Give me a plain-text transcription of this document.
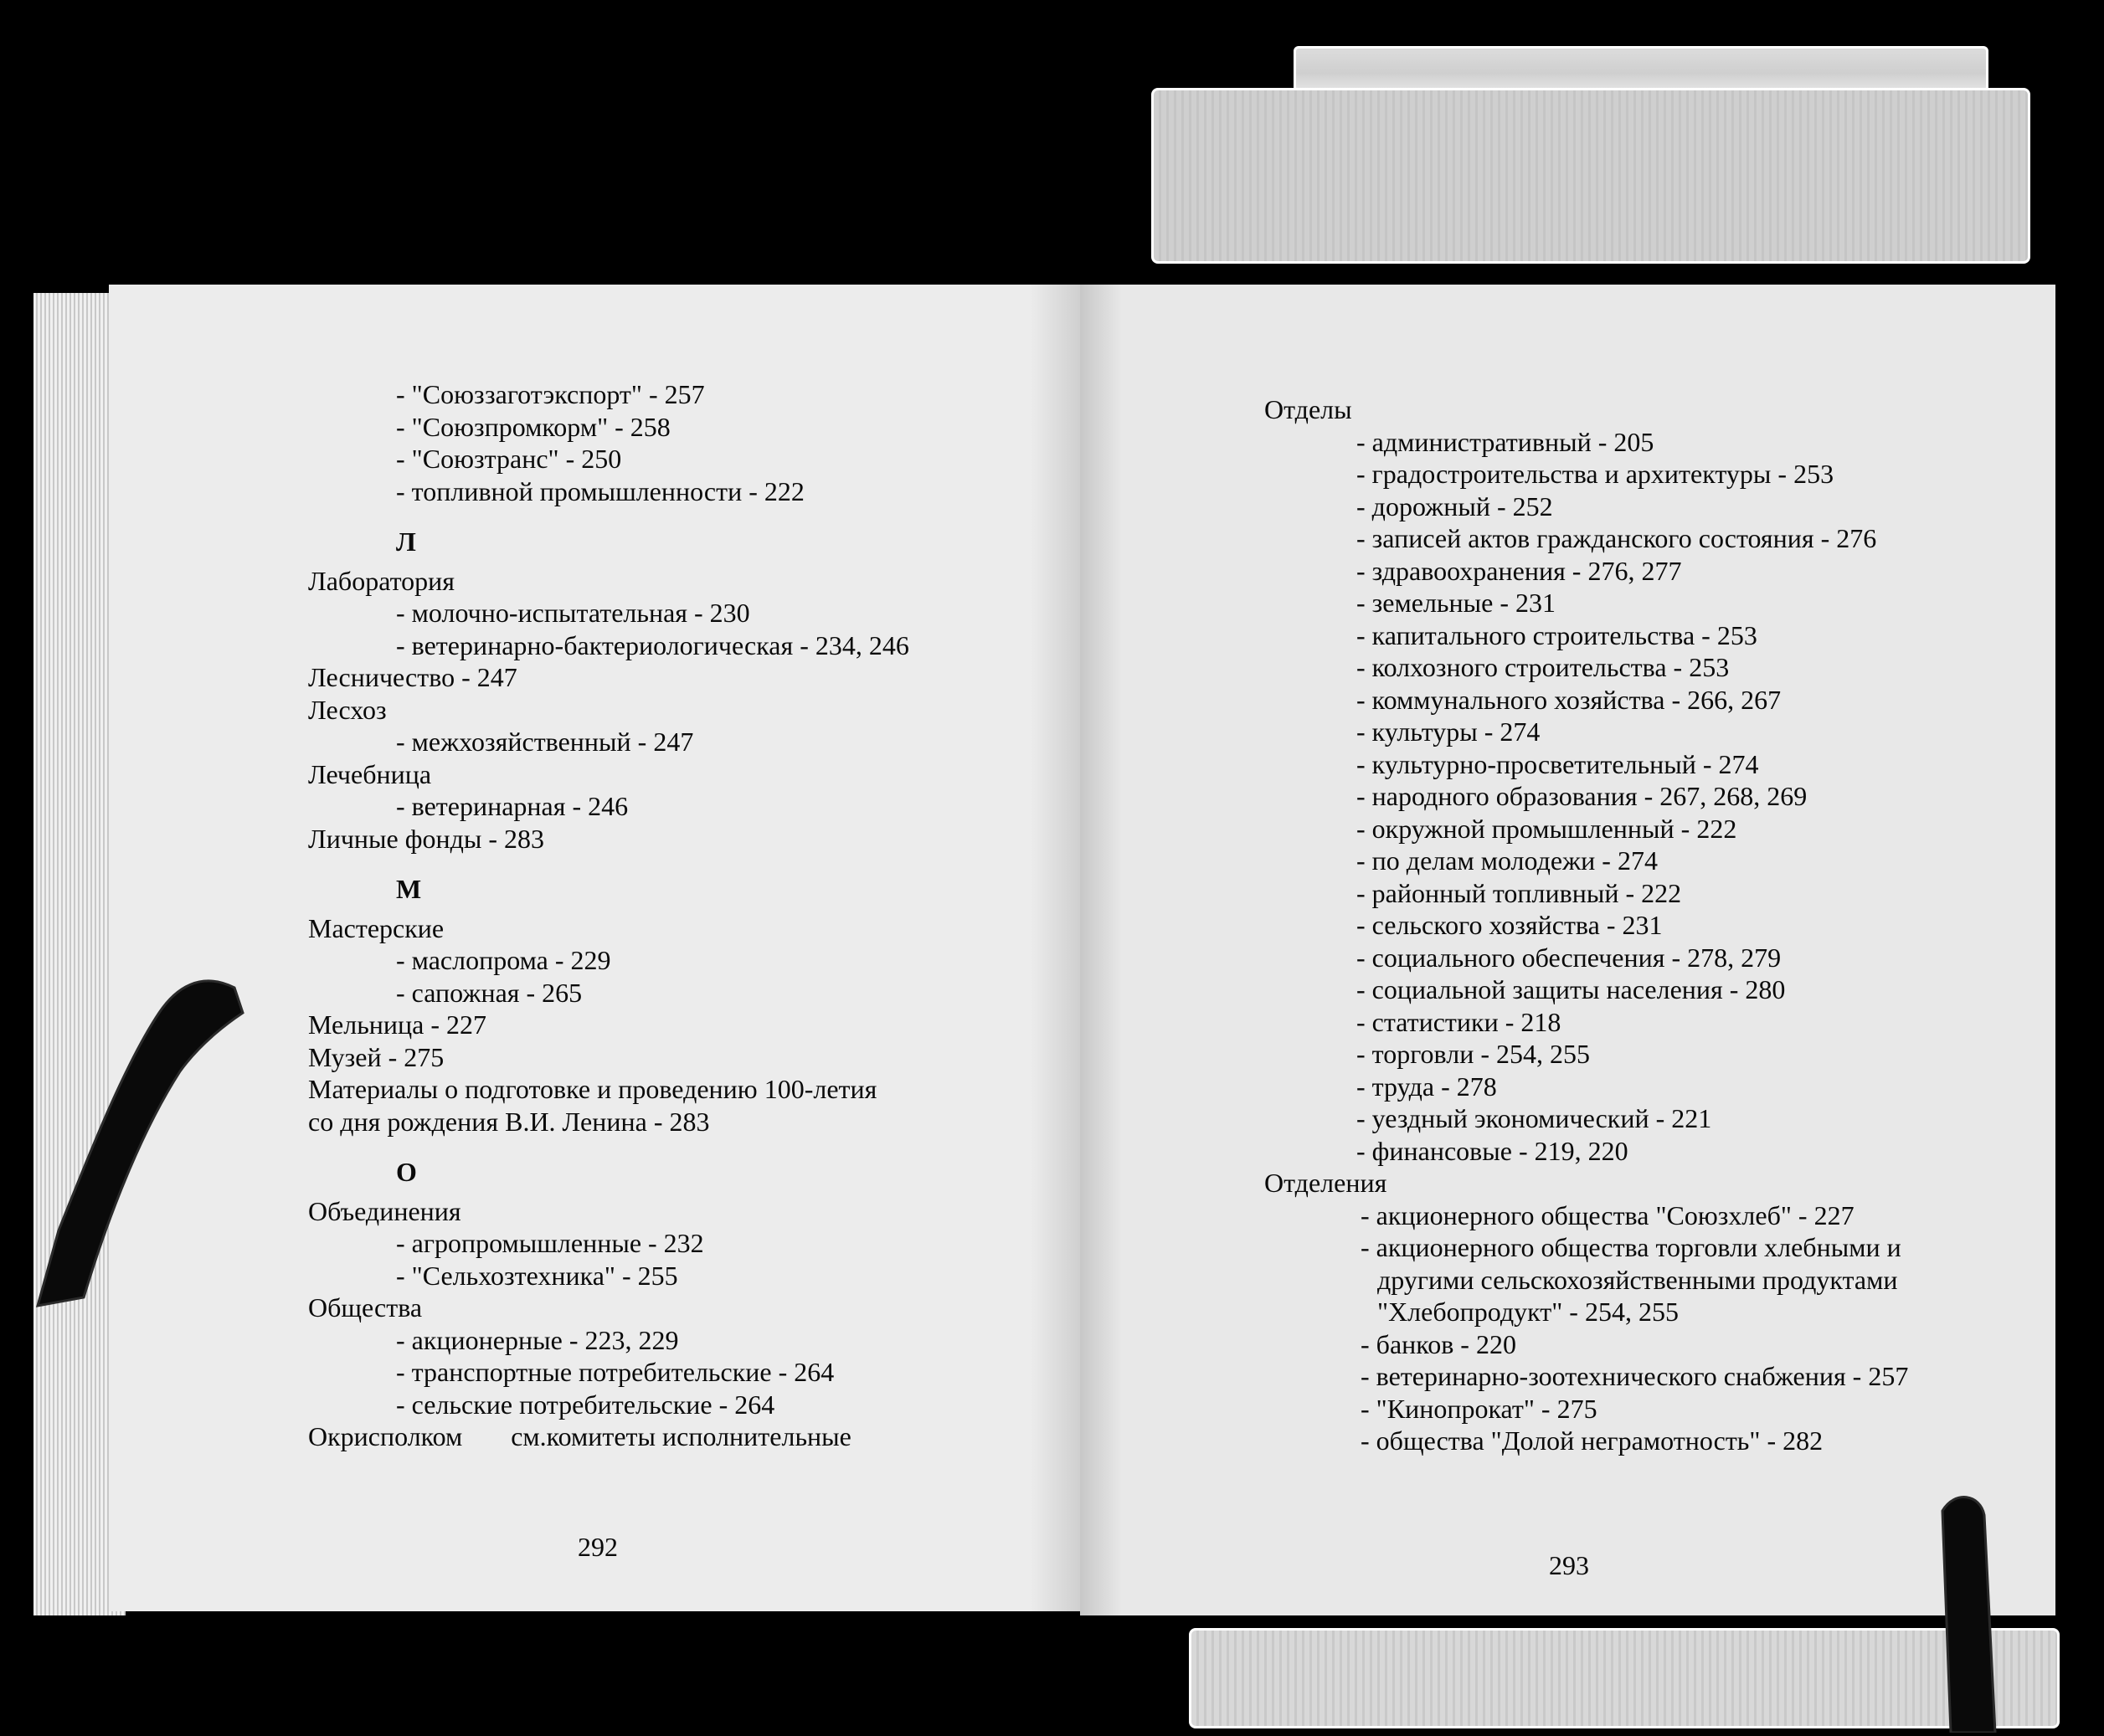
- "Союззаготэкспорт" - 257
- "Союзпромкорм" - 258
- "Союзтранс" - 250
- топливной промышленности - 222
Л
Лаборатория
- молочно-испытательная - 230
- ветеринарно-бактериологическая - 234, 246
Лесничество - 247
Лесхоз
- межхозяйственный - 247
Лечебница
- ветеринарная - 246
Личные фонды - 283
М
Мастерские
- маслопрома - 229
- сапожная - 265
Мельница - 227
Музей - 275
Материалы о подготовке и проведению 100-летия
со дня рождения В.И. Ленина - 283
О
Объединения
- агропромышленные - 232
- "Сельхозтехника" - 255
Общества
- акционерные - 223, 229
- транспортные потребительские - 264
- сельские потребительские - 264
Окрисполком см.комитеты исполнительные
Отделы
- административный - 205
- градостроительства и архитектуры - 253
- дорожный - 252
- записей актов гражданского состояния - 276
- здравоохранения - 276, 277
- земельные - 231
- капитального строительства - 253
- колхозного строительства - 253
- коммунального хозяйства - 266, 267
- культуры - 274
- культурно-просветительный - 274
- народного образования - 267, 268, 269
- окружной промышленный - 222
- по делам молодежи - 274
- районный топливный - 222
- сельского хозяйства - 231
- социального обеспечения - 278, 279
- социальной защиты населения - 280
- статистики - 218
- торговли - 254, 255
- труда - 278
- уездный экономический - 221
- финансовые - 219, 220
Отделения
- акционерного общества "Союзхлеб" - 227
- акционерного общества торговли хлебными и
другими сельскохозяйственными продуктами
"Хлебопродукт" - 254, 255
- банков - 220
- ветеринарно-зоотехнического снабжения - 257
- "Кинопрокат" - 275
- общества "Долой неграмотность" - 282
292
293
